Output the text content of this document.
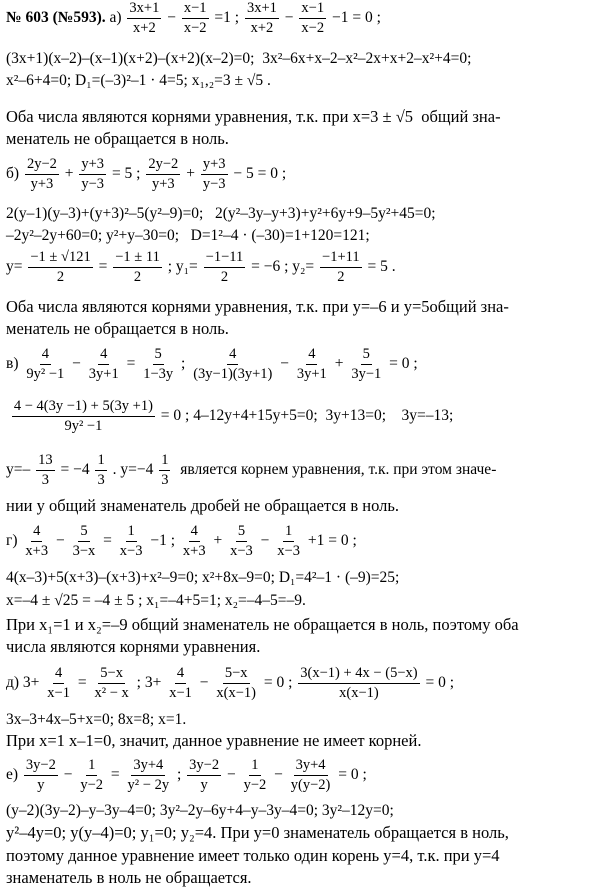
№ 603 (№593). $а) \frac{3x+1}{x+2} - \frac{x-1}{x-2} =1$ ; $\frac{3x+1}{x+2} - \frac{x-1}{x-2} -1 = 0$ ;
(3x+1)(x–2)–(x–1)(x+2)–(x+2)(x–2)=0;  3x²–6x+x–2–x²–2x+x+2–x²+4=0;
x²–6+4=0; D₁=(–3)²–1 · 4=5; x₁,₂=3 ± √5 .
Оба числа являются корнями уравнения, т.к. при x=3 ± √5  общий зна-
менатель не обращается в ноль.
$б) \frac{2y-2}{y+3} + \frac{y+3}{y-3} = 5$ ; $\frac{2y-2}{y+3} + \frac{y+3}{y-3} - 5 = 0$ ;
2(y–1)(y–3)+(y+3)²–5(y²–9)=0;   2(y²–3y–y+3)+y²+6y+9–5y²+45=0;
–2y²–2y+60=0; y²+y–30=0;   D=1²–4 · (–30)=1+120=121;
$y= \frac{-1 \pm √121}{2} = \frac{-1 \pm 11}{2}$ ; $y_1= \frac{-1-11}{2} = -6$ ; $y_2= \frac{-1+11}{2} = 5$ .
Оба числа являются корнями уравнения, т.к. при y=–6 и y=5общий зна-
менатель не обращается в ноль.
$в) \frac{4}{\text{9y² −1}} - \frac{4}{3y+1} = \frac{5}{1-3y}$ ; $\frac{4}{(3y-1)(3y+1)} - \frac{4}{3y+1} + \frac{5}{3y-1} = 0$ ;

$\frac{4 - 4(3y -1) + 5(3y +1)}{\text{9y² −1}} = 0$ ; 4–12y+4+15y+5=0;  3y+13=0;    3y=–13;
$y=- \frac{13}{3} = -4 \frac{1}{3}$ . $y=-4 \frac{1}{3}$ является корнем уравнения, т.к. при этом значе-
нии y общий знаменатель дробей не обращается в ноль.
$г) \frac{4}{x+3} - \frac{5}{3-x} = \frac{1}{x-3} -1$ ; $\frac{4}{x+3} + \frac{5}{x-3} - \frac{1}{x-3} +1 = 0$ ;
4(x–3)+5(x+3)–(x+3)+x²–9=0; x²+8x–9=0; D₁=4²–1 · (–9)=25;
x=–4 ± √25 = –4 ± 5 ; x₁=–4+5=1; x₂=–4–5=–9.
При x₁=1 и x₂=–9 общий знаменатель не обращается в ноль, поэтому оба
числа являются корнями уравнения.
д) $3+ \frac{4}{x-1} = \frac{5-x}{\text{x² − x}}$ ; $3+ \frac{4}{x-1} - \frac{5-x}{x(x-1)} = 0$ ; $\frac{3(x-1) + 4x - (5-x)}{x(x-1)} = 0$ ;
3x–3+4x–5+x=0; 8x=8; x=1.
При x=1 x–1=0, значит, данное уравнение не имеет корней.
$е) \frac{3y-2}{y} - \frac{1}{y-2} = \frac{3y+4}{\text{y² − 2y}}$ ; $\frac{3y-2}{y} - \frac{1}{y-2} - \frac{3y+4}{y(y-2)} = 0$ ;
(y–2)(3y–2)–y–3y–4=0; 3y²–2y–6y+4–y–3y–4=0; 3y²–12y=0;
y²–4y=0; y(y–4)=0; y₁=0; y₂=4. При y=0 знаменатель обращается в ноль,
поэтому данное уравнение имеет только один корень y=4, т.к. при y=4
знаменатель в ноль не обращается.
